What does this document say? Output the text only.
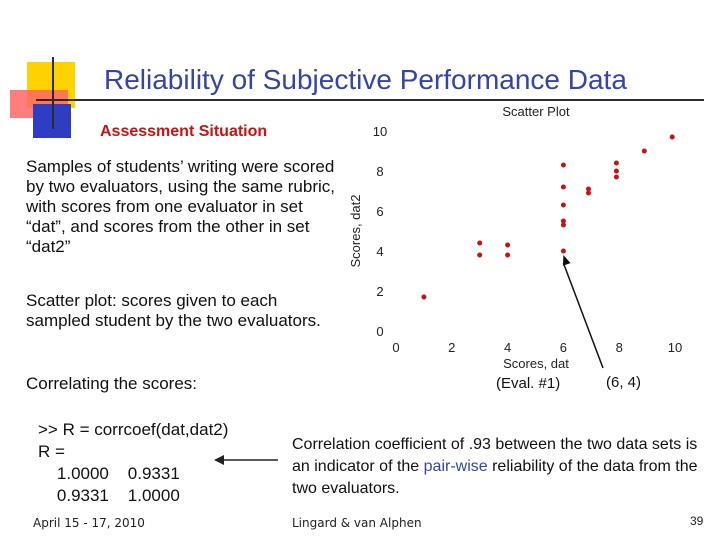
Reliability of Subjective Performance Data
Assessment Situation
Samples of students’ writing were scored by two evaluators, using the same rubric, with scores from one evaluator in set “dat”, and scores from the other in set “dat2”
Scatter plot: scores given to each sampled student by the two evaluators.
Correlating the scores:
>> R = corrcoef(dat,dat2)
R =
1.0000    0.9331
0.9331    1.0000
Correlation coefficient of .93 between the two data sets is an indicator of the pair-wise reliability of the data from the two evaluators.
April 15 - 17, 2010	Lingard & van Alphen	39
Scatter Plot
Scores, dat2
Scores, dat
0
2
4
6
8
10
0	2	4	6	8	10
(Eval. #1)	(6, 4)
